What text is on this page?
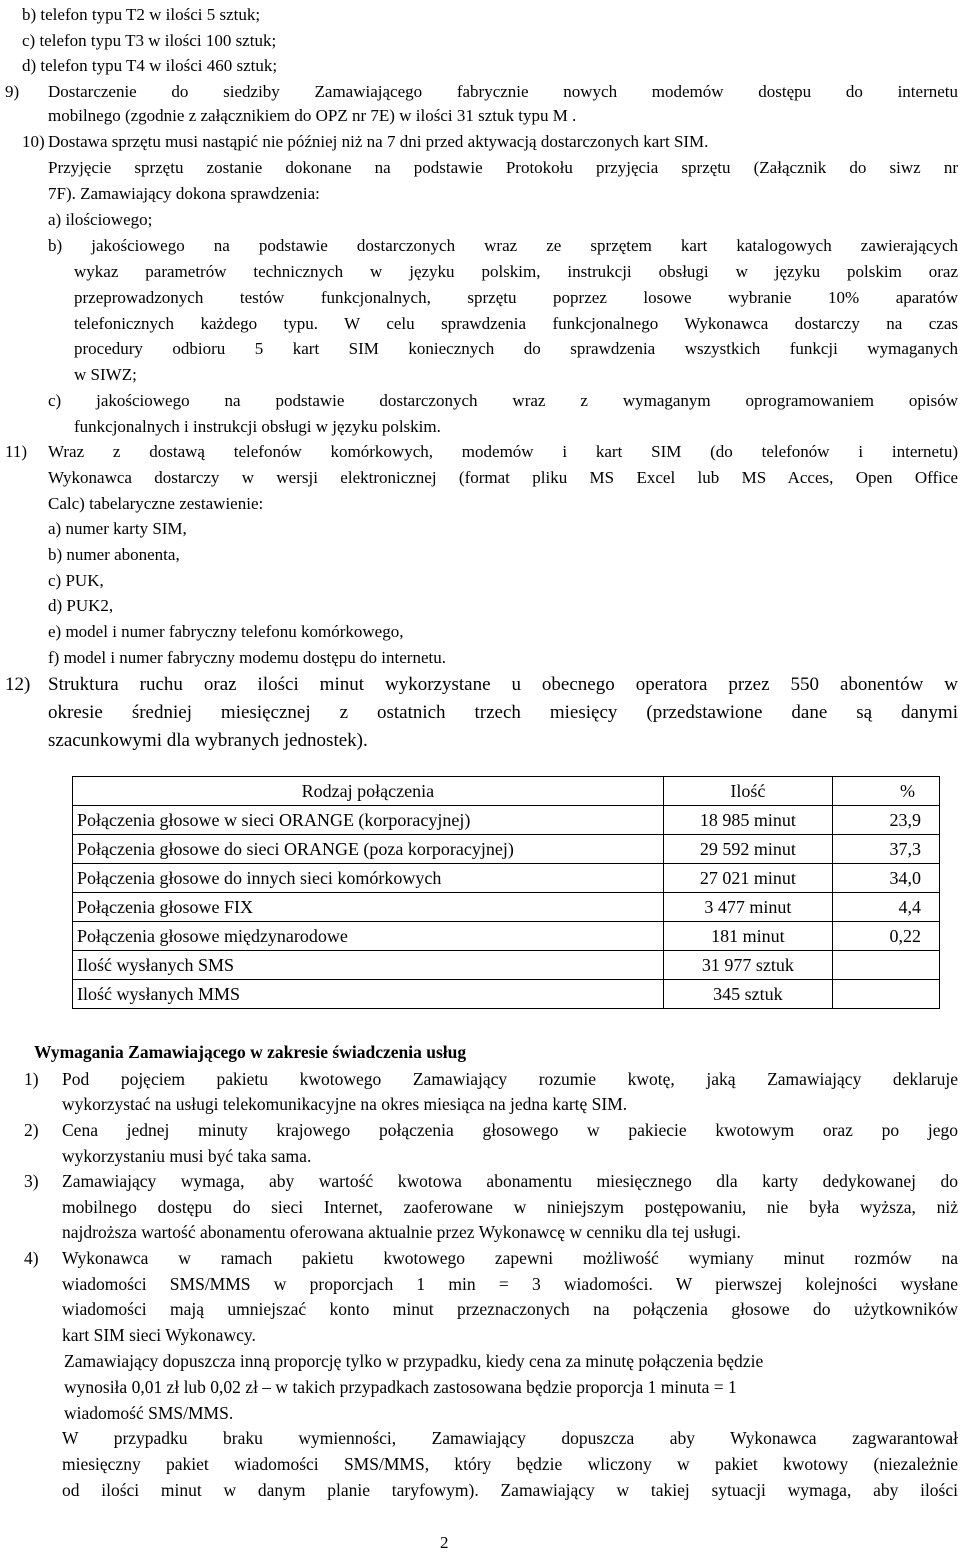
b) telefon typu T2 w ilości 5 sztuk;
c) telefon typu T3 w ilości 100 sztuk;
d) telefon typu T4 w ilości 460 sztuk;
9) Dostarczenie do siedziby Zamawiającego fabrycznie nowych modemów dostępu do internetu
mobilnego (zgodnie z załącznikiem do OPZ nr 7E) w ilości 31 sztuk typu M .
10) Dostawa sprzętu musi nastąpić nie później niż na 7 dni przed aktywacją dostarczonych kart SIM.
Przyjęcie sprzętu zostanie dokonane na podstawie Protokołu przyjęcia sprzętu (Załącznik do siwz nr
7F). Zamawiający dokona sprawdzenia:
a) ilościowego;
b) jakościowego na podstawie dostarczonych wraz ze sprzętem kart katalogowych zawierających
wykaz parametrów technicznych w języku polskim, instrukcji obsługi w języku polskim oraz
przeprowadzonych testów funkcjonalnych, sprzętu poprzez losowe wybranie 10% aparatów
telefonicznych każdego typu. W celu sprawdzenia funkcjonalnego Wykonawca dostarczy na czas
procedury odbioru 5 kart SIM koniecznych do sprawdzenia wszystkich funkcji wymaganych
w SIWZ;
c) jakościowego na podstawie dostarczonych wraz z wymaganym oprogramowaniem opisów
funkcjonalnych i instrukcji obsługi w języku polskim.
11) Wraz z dostawą telefonów komórkowych, modemów i kart SIM (do telefonów i internetu)
Wykonawca dostarczy w wersji elektronicznej (format pliku MS Excel lub MS Acces, Open Office
Calc) tabelaryczne zestawienie:
a) numer karty SIM,
b) numer abonenta,
c) PUK,
d) PUK2,
e) model i numer fabryczny telefonu komórkowego,
f) model i numer fabryczny modemu dostępu do internetu.
12) Struktura ruchu oraz ilości minut wykorzystane u obecnego operatora przez 550 abonentów w
okresie średniej miesięcznej z ostatnich trzech miesięcy (przedstawione dane są danymi
szacunkowymi dla wybranych jednostek).
Rodzaj połączenia	Ilość	%
Połączenia głosowe w sieci ORANGE (korporacyjnej)	18 985 minut	23,9
Połączenia głosowe do sieci ORANGE (poza korporacyjnej)	29 592 minut	37,3
Połączenia głosowe do innych sieci komórkowych	27 021 minut	34,0
Połączenia głosowe FIX	3 477 minut	4,4
Połączenia głosowe międzynarodowe	181 minut	0,22
Ilość wysłanych SMS	31 977 sztuk	
Ilość wysłanych MMS	345 sztuk	
Wymagania Zamawiającego w zakresie świadczenia usług
1) Pod pojęciem pakietu kwotowego Zamawiający rozumie kwotę, jaką Zamawiający deklaruje
wykorzystać na usługi telekomunikacyjne na okres miesiąca na jedna kartę SIM.
2) Cena jednej minuty krajowego połączenia głosowego w pakiecie kwotowym oraz po jego
wykorzystaniu musi być taka sama.
3) Zamawiający wymaga, aby wartość kwotowa abonamentu miesięcznego dla karty dedykowanej do
mobilnego dostępu do sieci Internet, zaoferowane w niniejszym postępowaniu, nie była wyższa, niż
najdroższa wartość abonamentu oferowana aktualnie przez Wykonawcę w cenniku dla tej usługi.
4) Wykonawca w ramach pakietu kwotowego zapewni możliwość wymiany minut rozmów na
wiadomości SMS/MMS w proporcjach 1 min = 3 wiadomości. W pierwszej kolejności wysłane
wiadomości mają umniejszać konto minut przeznaczonych na połączenia głosowe do użytkowników
kart SIM sieci Wykonawcy.
Zamawiający dopuszcza inną proporcję tylko w przypadku, kiedy cena za minutę połączenia będzie
wynosiła 0,01 zł lub 0,02 zł – w takich przypadkach zastosowana będzie proporcja 1 minuta = 1
wiadomość SMS/MMS.
W przypadku braku wymienności, Zamawiający dopuszcza aby Wykonawca zagwarantował
miesięczny pakiet wiadomości SMS/MMS, który będzie wliczony w pakiet kwotowy (niezależnie
od ilości minut w danym planie taryfowym). Zamawiający w takiej sytuacji wymaga, aby ilości
2
